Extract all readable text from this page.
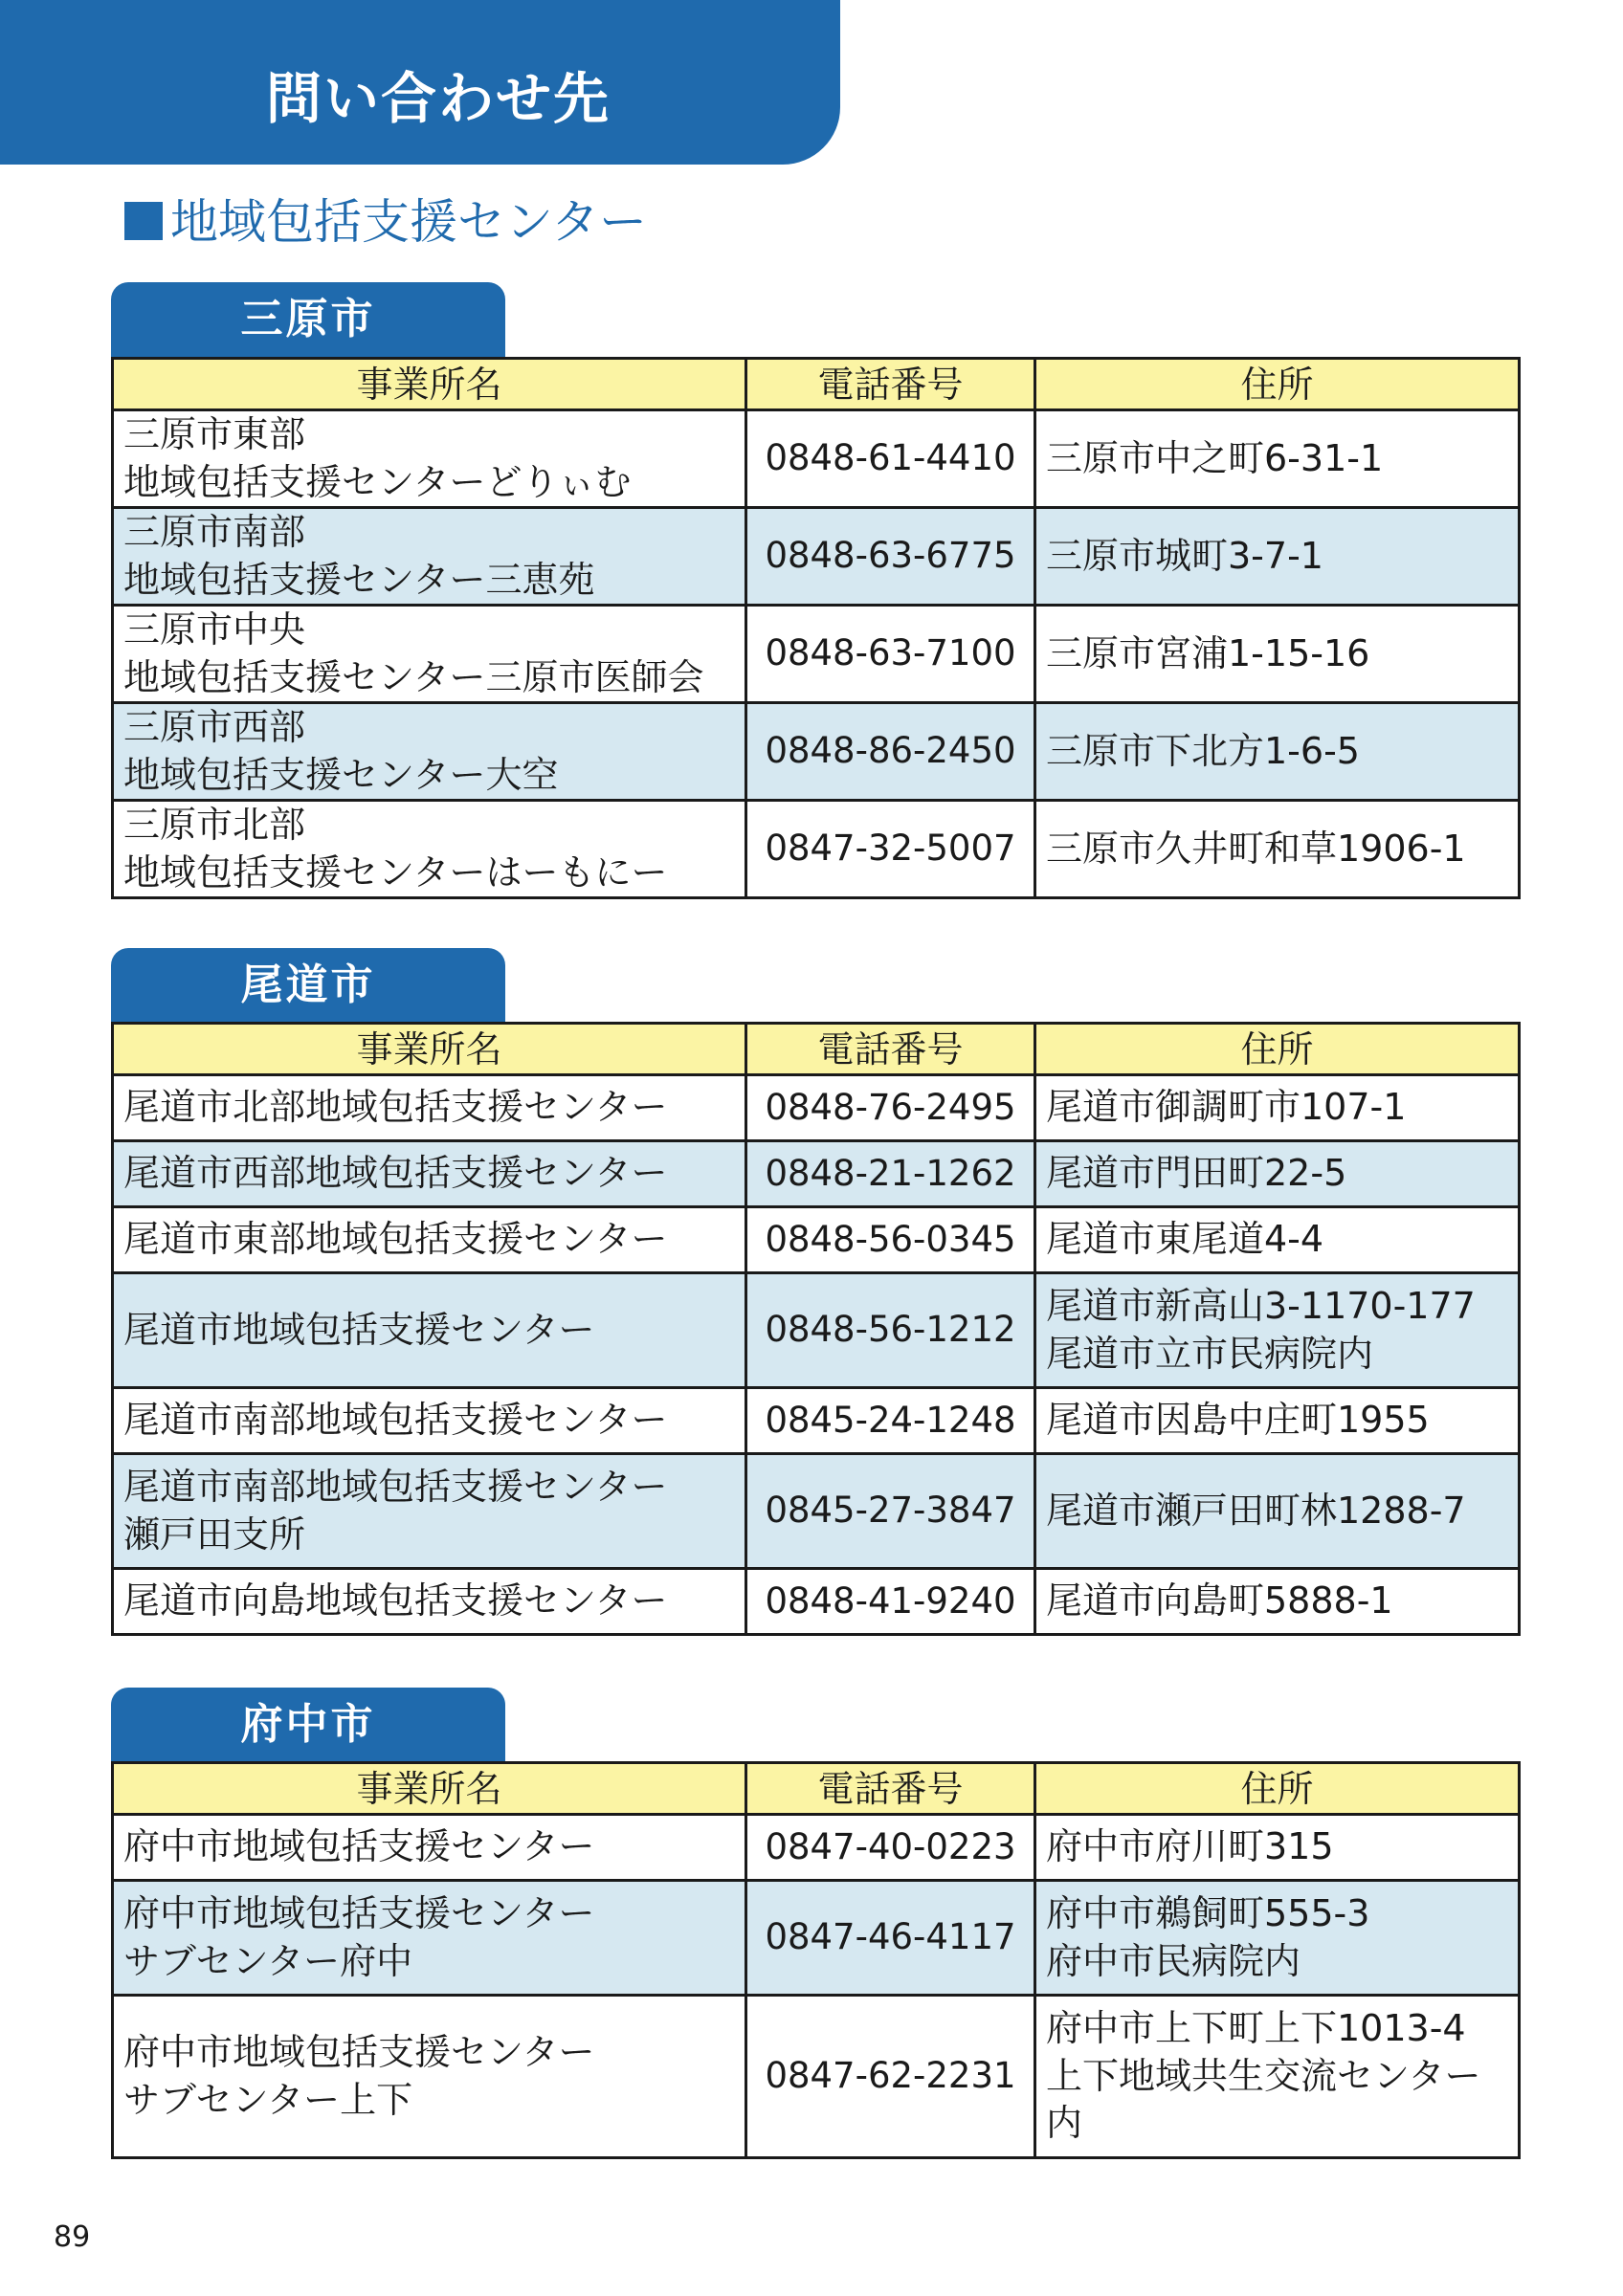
問い合わせ先
地域包括支援センター
三原市
事業所名	電話番号	住所

三原市東部
地域包括支援センターどりぃむ	0848-61-4410	三原市中之町6-31-1

三原市南部
地域包括支援センター三恵苑	0848-63-6775	三原市城町3-7-1

三原市中央
地域包括支援センター三原市医師会	0848-63-7100	三原市宮浦1-15-16

三原市西部
地域包括支援センター大空	0848-86-2450	三原市下北方1-6-5

三原市北部
地域包括支援センターはーもにー	0847-32-5007	三原市久井町和草1906-1
尾道市
事業所名	電話番号	住所

尾道市北部地域包括支援センター	0848-76-2495	尾道市御調町市107-1

尾道市西部地域包括支援センター	0848-21-1262	尾道市門田町22-5

尾道市東部地域包括支援センター	0848-56-0345	尾道市東尾道4-4

尾道市地域包括支援センター	0848-56-1212	尾道市新高山3-1170-177
尾道市立市民病院内

尾道市南部地域包括支援センター	0845-24-1248	尾道市因島中庄町1955

尾道市南部地域包括支援センター
瀬戸田支所	0845-27-3847	尾道市瀬戸田町林1288-7

尾道市向島地域包括支援センター	0848-41-9240	尾道市向島町5888-1
府中市
事業所名	電話番号	住所

府中市地域包括支援センター	0847-40-0223	府中市府川町315

府中市地域包括支援センター
サブセンター府中	0847-46-4117	府中市鵜飼町555-3
府中市民病院内

府中市地域包括支援センター
サブセンター上下	0847-62-2231	府中市上下町上下1013-4
上下地域共生交流センター
内
89
